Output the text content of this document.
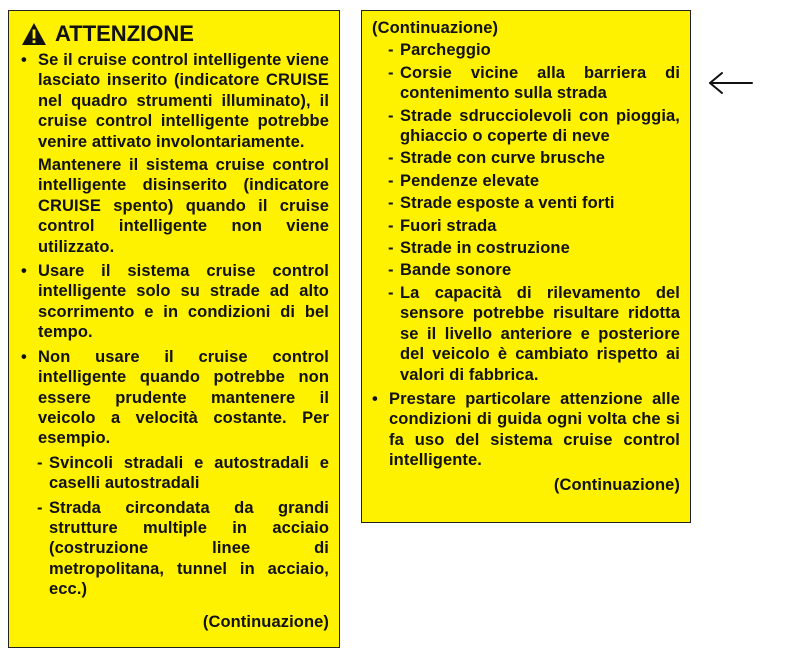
ATTENZIONE
• Se il cruise control intelligente viene lasciato inserito (indicatore CRUISE nel quadro strumenti illuminato), il cruise control intelligente potrebbe venire attivato involontariamente.
Mantenere il sistema cruise control intelligente disinserito (indicatore CRUISE spento) quando il cruise control intelligente non viene utilizzato.
• Usare il sistema cruise control intelligente solo su strade ad alto scorrimento e in condizioni di bel tempo.
• Non usare il cruise control intelligente quando potrebbe non essere prudente mantenere il veicolo a velocità costante. Per esempio.
- Svincoli stradali e autostradali e caselli autostradali
- Strada circondata da grandi strutture multiple in acciaio (costruzione linee di metropolitana, tunnel in acciaio, ecc.)
(Continuazione)
(Continuazione)
- Parcheggio
- Corsie vicine alla barriera di contenimento sulla strada
- Strade sdrucciolevoli con pioggia, ghiaccio o coperte di neve
- Strade con curve brusche
- Pendenze elevate
- Strade esposte a venti forti
- Fuori strada
- Strade in costruzione
- Bande sonore
- La capacità di rilevamento del sensore potrebbe risultare ridotta se il livello anteriore e posteriore del veicolo è cambiato rispetto ai valori di fabbrica.
• Prestare particolare attenzione alle condizioni di guida ogni volta che si fa uso del sistema cruise control intelligente.
(Continuazione)
